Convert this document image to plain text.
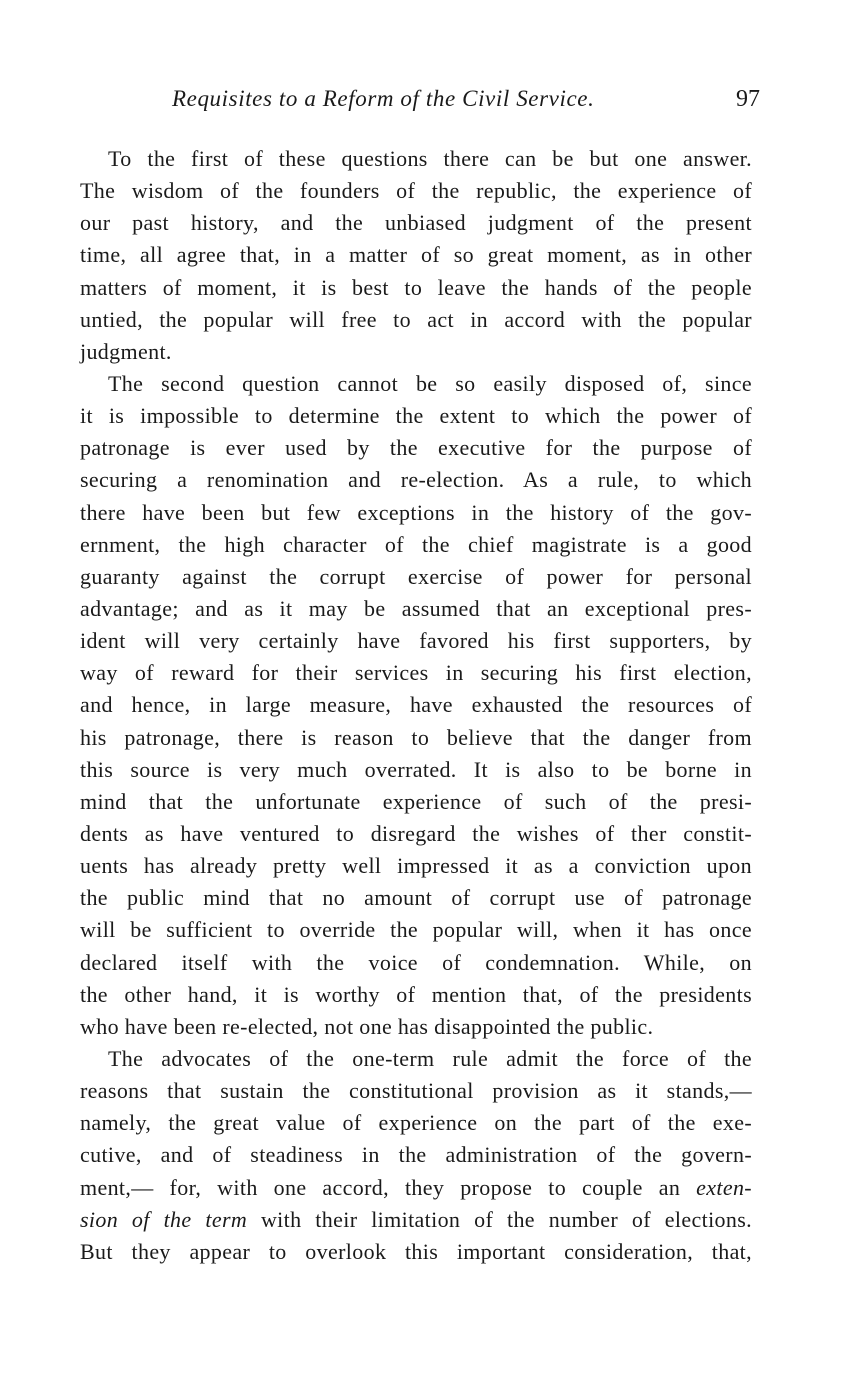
Requisites to a Reform of the Civil Service.	97
To the first of these questions there can be but one answer.
The wisdom of the founders of the republic, the experience of
our past history, and the unbiased judgment of the present
time, all agree that, in a matter of so great moment, as in other
matters of moment, it is best to leave the hands of the people
untied, the popular will free to act in accord with the popular
judgment.
The second question cannot be so easily disposed of, since
it is impossible to determine the extent to which the power of
patronage is ever used by the executive for the purpose of
securing a renomination and re-election. As a rule, to which
there have been but few exceptions in the history of the gov-
ernment, the high character of the chief magistrate is a good
guaranty against the corrupt exercise of power for personal
advantage; and as it may be assumed that an exceptional pres-
ident will very certainly have favored his first supporters, by
way of reward for their services in securing his first election,
and hence, in large measure, have exhausted the resources of
his patronage, there is reason to believe that the danger from
this source is very much overrated. It is also to be borne in
mind that the unfortunate experience of such of the presi-
dents as have ventured to disregard the wishes of ther constit-
uents has already pretty well impressed it as a conviction upon
the public mind that no amount of corrupt use of patronage
will be sufficient to override the popular will, when it has once
declared itself with the voice of condemnation. While, on
the other hand, it is worthy of mention that, of the presidents
who have been re-elected, not one has disappointed the public.
The advocates of the one-term rule admit the force of the
reasons that sustain the constitutional provision as it stands,—
namely, the great value of experience on the part of the exe-
cutive, and of steadiness in the administration of the govern-
ment,— for, with one accord, they propose to couple an exten-
sion of the term with their limitation of the number of elections.
But they appear to overlook this important consideration, that,
